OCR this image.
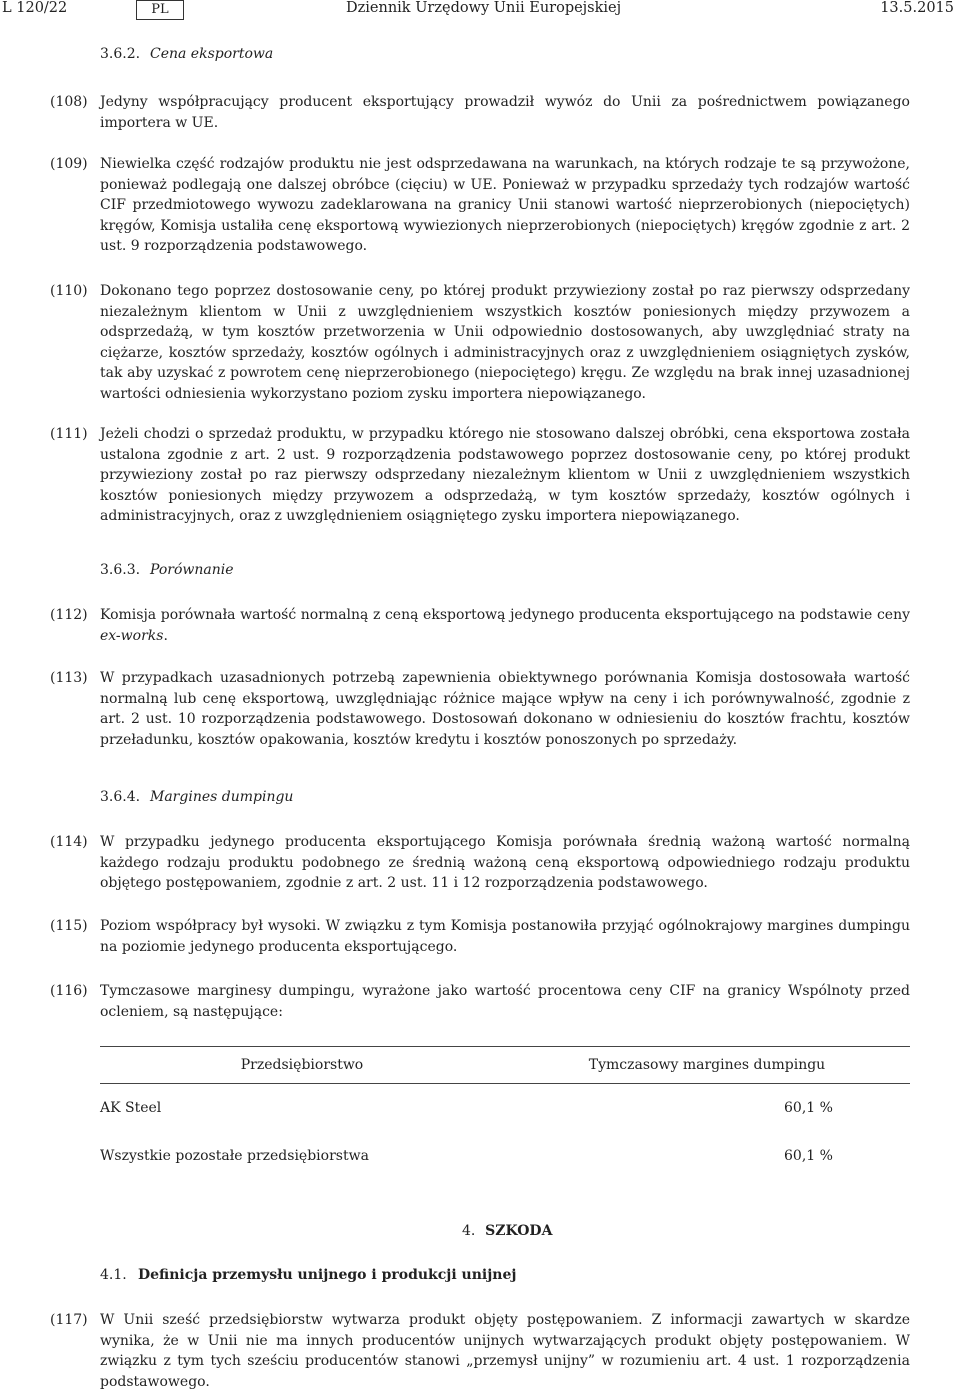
L 120/22	PL	Dziennik Urzędowy Unii Europejskiej	13.5.2015
3.6.2. Cena eksportowa
(108) Jedyny współpracujący producent eksportujący prowadził wywóz do Unii za pośrednictwem powiązanego importera w UE.
(109) Niewielka część rodzajów produktu nie jest odsprzedawana na warunkach, na których rodzaje te są przywożone, ponieważ podlegają one dalszej obróbce (cięciu) w UE. Ponieważ w przypadku sprzedaży tych rodzajów wartość CIF przedmiotowego wywozu zadeklarowana na granicy Unii stanowi wartość nieprzerobionych (niepociętych) kręgów, Komisja ustaliła cenę eksportową wywiezionych nieprzerobionych (niepociętych) kręgów zgodnie z art. 2 ust. 9 rozporządzenia podstawowego.
(110) Dokonano tego poprzez dostosowanie ceny, po której produkt przywieziony został po raz pierwszy odsprzedany niezależnym klientom w Unii z uwzględnieniem wszystkich kosztów poniesionych między przywozem a odsprzedażą, w tym kosztów przetworzenia w Unii odpowiednio dostosowanych, aby uwzględniać straty na ciężarze, kosztów sprzedaży, kosztów ogólnych i administracyjnych oraz z uwzględnieniem osiągniętych zysków, tak aby uzyskać z powrotem cenę nieprzerobionego (niepociętego) kręgu. Ze względu na brak innej uzasadnionej wartości odniesienia wykorzystano poziom zysku importera niepowiązanego.
(111) Jeżeli chodzi o sprzedaż produktu, w przypadku którego nie stosowano dalszej obróbki, cena eksportowa została ustalona zgodnie z art. 2 ust. 9 rozporządzenia podstawowego poprzez dostosowanie ceny, po której produkt przywieziony został po raz pierwszy odsprzedany niezależnym klientom w Unii z uwzględnieniem wszystkich kosztów poniesionych między przywozem a odsprzedażą, w tym kosztów sprzedaży, kosztów ogólnych i administracyjnych, oraz z uwzględnieniem osiągniętego zysku importera niepowiązanego.
3.6.3. Porównanie
(112) Komisja porównała wartość normalną z ceną eksportową jedynego producenta eksportującego na podstawie ceny ex-works.
(113) W przypadkach uzasadnionych potrzebą zapewnienia obiektywnego porównania Komisja dostosowała wartość normalną lub cenę eksportową, uwzględniając różnice mające wpływ na ceny i ich porównywalność, zgodnie z art. 2 ust. 10 rozporządzenia podstawowego. Dostosowań dokonano w odniesieniu do kosztów frachtu, kosztów przeładunku, kosztów opakowania, kosztów kredytu i kosztów ponoszonych po sprzedaży.
3.6.4. Margines dumpingu
(114) W przypadku jedynego producenta eksportującego Komisja porównała średnią ważoną wartość normalną każdego rodzaju produktu podobnego ze średnią ważoną ceną eksportową odpowiedniego rodzaju produktu objętego postępowaniem, zgodnie z art. 2 ust. 11 i 12 rozporządzenia podstawowego.
(115) Poziom współpracy był wysoki. W związku z tym Komisja postanowiła przyjąć ogólnokrajowy margines dumpingu na poziomie jedynego producenta eksportującego.
(116) Tymczasowe marginesy dumpingu, wyrażone jako wartość procentowa ceny CIF na granicy Wspólnoty przed ocleniem, są następujące:
Przedsiębiorstwo	Tymczasowy margines dumpingu
AK Steel	60,1 %
Wszystkie pozostałe przedsiębiorstwa	60,1 %
4. SZKODA
4.1. Definicja przemysłu unijnego i produkcji unijnej
(117) W Unii sześć przedsiębiorstw wytwarza produkt objęty postępowaniem. Z informacji zawartych w skardze wynika, że w Unii nie ma innych producentów unijnych wytwarzających produkt objęty postępowaniem. W związku z tym tych sześciu producentów stanowi „przemysł unijny” w rozumieniu art. 4 ust. 1 rozporządzenia podstawowego.
